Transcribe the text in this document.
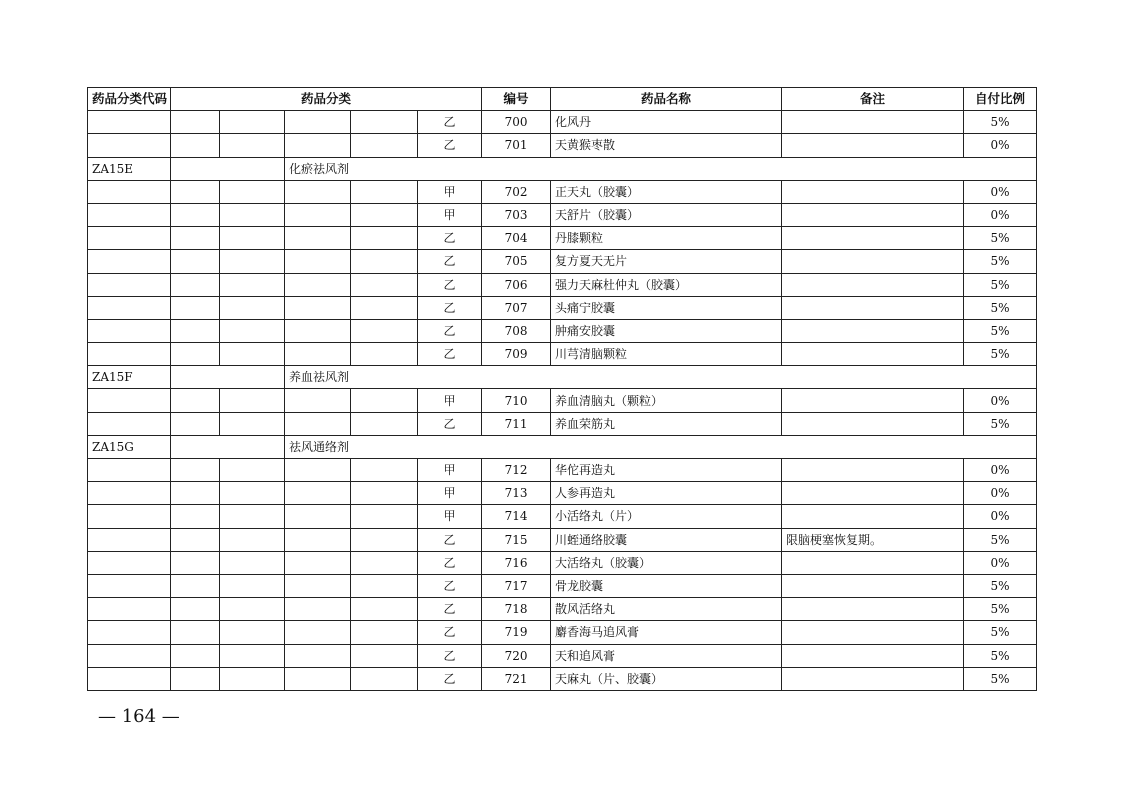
药品分类代码	药品分类					编号	药品名称	备注	自付比例
					乙	700	化风丹		5%
					乙	701	天黄猴枣散		0%
ZA15E			化瘀祛风剂						
					甲	702	正天丸（胶囊）		0%
					甲	703	天舒片（胶囊）		0%
					乙	704	丹膝颗粒		5%
					乙	705	复方夏天无片		5%
					乙	706	强力天麻杜仲丸（胶囊）		5%
					乙	707	头痛宁胶囊		5%
					乙	708	肿痛安胶囊		5%
					乙	709	川芎清脑颗粒		5%
ZA15F			养血祛风剂						
					甲	710	养血清脑丸（颗粒）		0%
					乙	711	养血荣筋丸		5%
ZA15G			祛风通络剂						
					甲	712	华佗再造丸		0%
					甲	713	人参再造丸		0%
					甲	714	小活络丸（片）		0%
					乙	715	川蛭通络胶囊	限脑梗塞恢复期。	5%
					乙	716	大活络丸（胶囊）		0%
					乙	717	骨龙胶囊		5%
					乙	718	散风活络丸		5%
					乙	719	麝香海马追风膏		5%
					乙	720	天和追风膏		5%
					乙	721	天麻丸（片、胶囊）		5%
— 164 —
